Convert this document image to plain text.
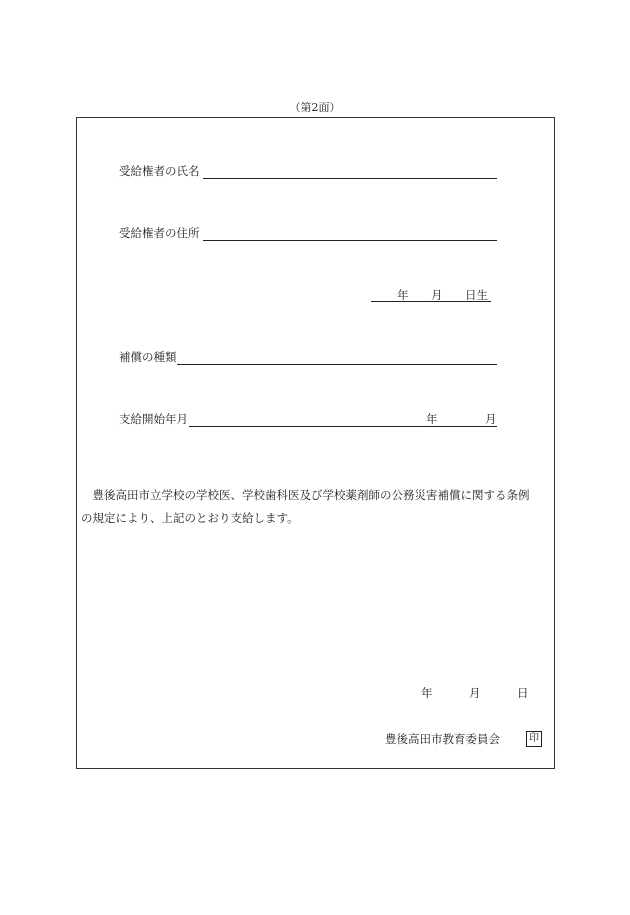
（第2面）
受給権者の氏名
受給権者の住所
年 月 日生
補償の種類
支給開始年月	年	月
　豊後高田市立学校の学校医、学校歯科医及び学校薬剤師の公務災害補償に関する条例
の規定により、上記のとおり支給します。
年	月	日
豊後高田市教育委員会	印
